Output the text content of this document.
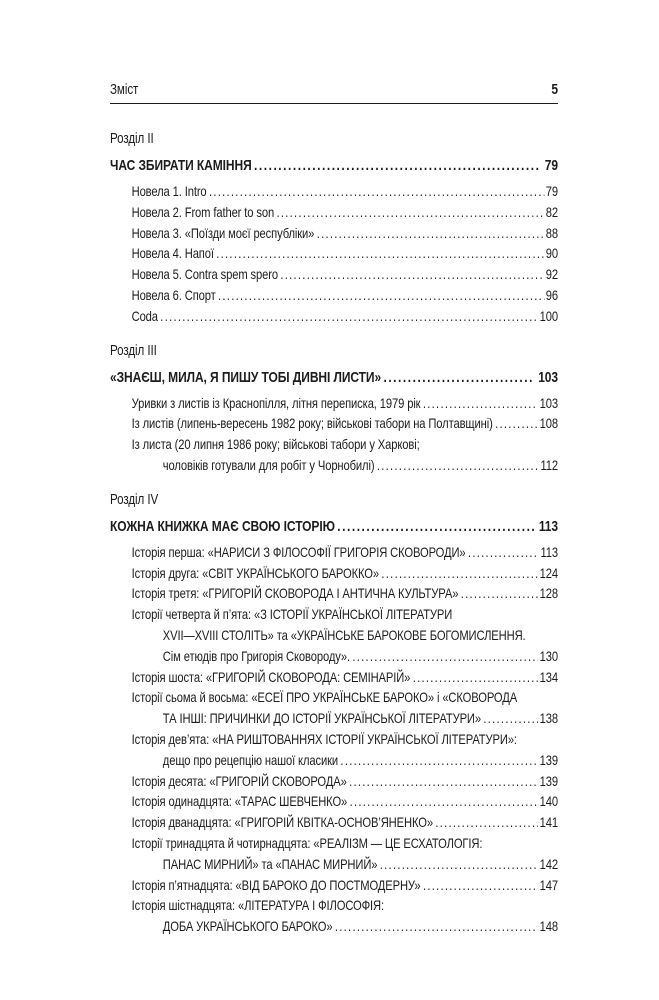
Зміст	5
Розділ II
ЧАС ЗБИРАТИ КАМІННЯ .....	79
Новела 1. Intro .....	79
Новела 2. From father to son .....	82
Новела 3. «Поїзди моєї республіки» .....	88
Новела 4. Напої .....	90
Новела 5. Contra spem spero .....	92
Новела 6. Спорт .....	96
Coda .....	100
Розділ III
«ЗНАЄШ, МИЛА, Я ПИШУ ТОБІ ДИВНІ ЛИСТИ» .....	103
Уривки з листів із Краснопілля, літня переписка, 1979 рік .....	103
Із листів (липень-вересень 1982 року; військові табори на Полтавщині) .....	108
Із листа (20 липня 1986 року; військові табори у Харкові;
чоловіків готували для робіт у Чорнобилі) .....	112
Розділ IV
КОЖНА КНИЖКА МАЄ СВОЮ ІСТОРІЮ .....	113
Історія перша: «НАРИСИ З ФІЛОСОФІЇ ГРИГОРІЯ СКОВОРОДИ» .....	113
Історія друга: «СВІТ УКРАЇНСЬКОГО БАРОККО» .....	124
Історія третя: «ГРИГОРІЙ СКОВОРОДА І АНТИЧНА КУЛЬТУРА» .....	128
Історії четверта й п’ята: «З ІСТОРІЇ УКРАЇНСЬКОЇ ЛІТЕРАТУРИ
XVII—XVIII СТОЛІТЬ» та «УКРАЇНСЬКЕ БАРОКОВЕ БОГОМИСЛЕННЯ.
Сім етюдів про Григорія Сковороду». .....	130
Історія шоста: «ГРИГОРІЙ СКОВОРОДА: СЕМІНАРІЙ» .....	134
Історії сьома й восьма: «ЕСЕЇ ПРО УКРАЇНСЬКЕ БАРОКО» і «СКОВОРОДА
ТА ІНШІ: ПРИЧИНКИ ДО ІСТОРІЇ УКРАЇНСЬКОЇ ЛІТЕРАТУРИ» .....	138
Історія дев’ята: «НА РИШТОВАННЯХ ІСТОРІЇ УКРАЇНСЬКОЇ ЛІТЕРАТУРИ»:
дещо про рецепцію нашої класики .....	139
Історія десята: «ГРИГОРІЙ СКОВОРОДА» .....	139
Історія одинадцята: «ТАРАС ШЕВЧЕНКО» .....	140
Історія дванадцята: «ГРИГОРІЙ КВІТКА-ОСНОВ’ЯНЕНКО» .....	141
Історії тринадцята й чотирнадцята: «РЕАЛІЗМ — ЦЕ ЕСХАТОЛОГІЯ:
ПАНАС МИРНИЙ» та «ПАНАС МИРНИЙ» .....	142
Історія п’ятнадцята: «ВІД БАРОКО ДО ПОСТМОДЕРНУ» .....	147
Історія шістнадцята: «ЛІТЕРАТУРА І ФІЛОСОФІЯ:
ДОБА УКРАЇНСЬКОГО БАРОКО» .....	148
